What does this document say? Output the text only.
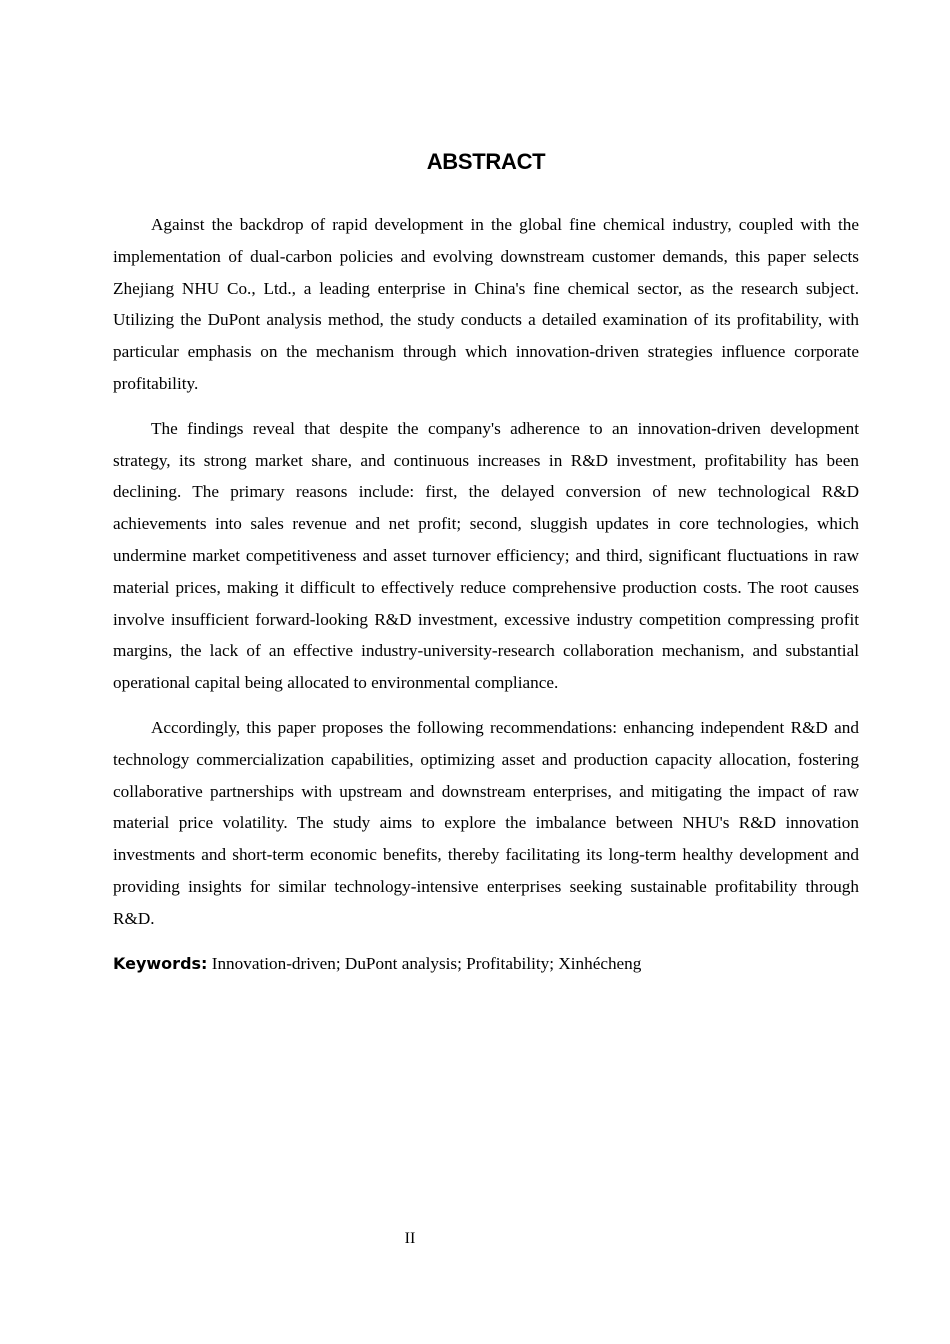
ABSTRACT

Against the backdrop of rapid development in the global fine chemical industry, coupled with the implementation of dual-carbon policies and evolving downstream customer demands, this paper selects Zhejiang NHU Co., Ltd., a leading enterprise in China's fine chemical sector, as the research subject. Utilizing the DuPont analysis method, the study conducts a detailed examination of its profitability, with particular emphasis on the mechanism through which innovation-driven strategies influence corporate profitability.

The findings reveal that despite the company's adherence to an innovation-driven development strategy, its strong market share, and continuous increases in R&D investment, profitability has been declining. The primary reasons include: first, the delayed conversion of new technological R&D achievements into sales revenue and net profit; second, sluggish updates in core technologies, which undermine market competitiveness and asset turnover efficiency; and third, significant fluctuations in raw material prices, making it difficult to effectively reduce comprehensive production costs. The root causes involve insufficient forward-looking R&D investment, excessive industry competition compressing profit margins, the lack of an effective industry-university-research collaboration mechanism, and substantial operational capital being allocated to environmental compliance.

Accordingly, this paper proposes the following recommendations: enhancing independent R&D and technology commercialization capabilities, optimizing asset and production capacity allocation, fostering collaborative partnerships with upstream and downstream enterprises, and mitigating the impact of raw material price volatility. The study aims to explore the imbalance between NHU's R&D innovation investments and short-term economic benefits, thereby facilitating its long-term healthy development and providing insights for similar technology-intensive enterprises seeking sustainable profitability through R&D.

Keywords: Innovation-driven; DuPont analysis; Profitability; Xinhécheng

II
